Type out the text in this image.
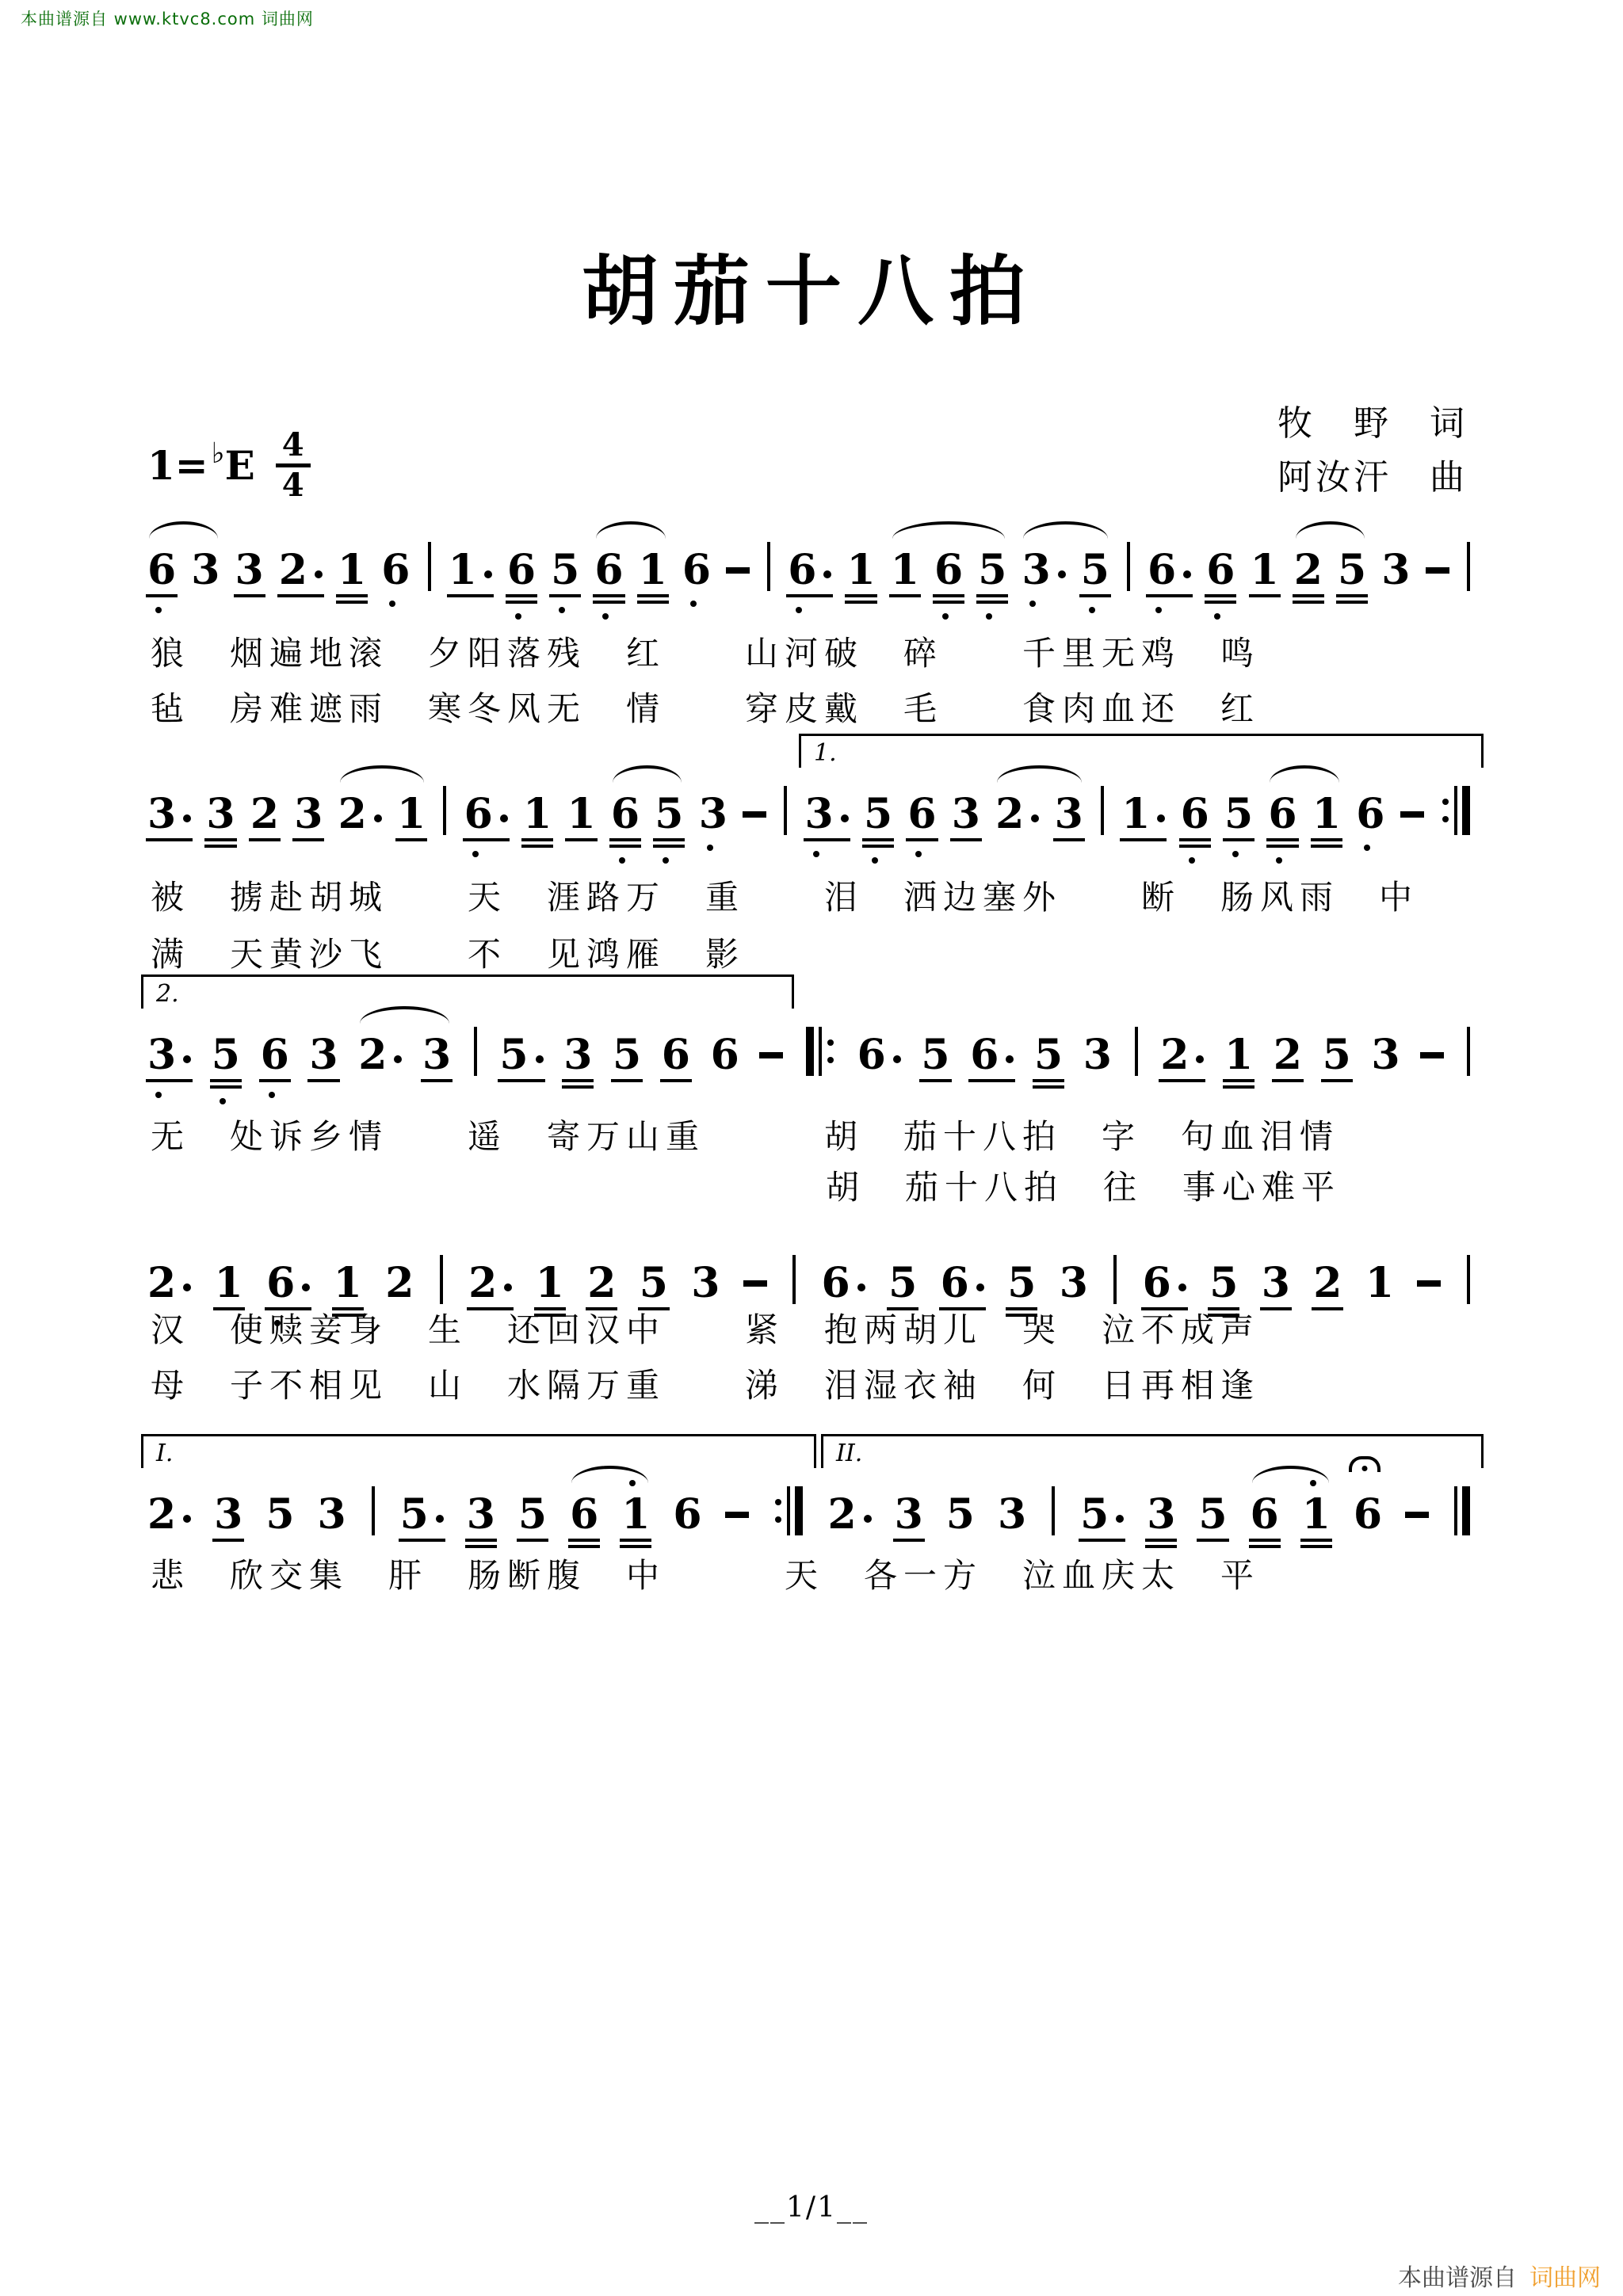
本曲谱源自 www.ktvc8.com 词曲网
胡茄十八拍
牧　野　词
阿汝汗　曲
1= ♭ E $\frac{4}{4}$
6 3 3 2 1 6 1 6 5 6 1 6 6 1 1 6 5 3 5 6 6 1 2 5 3
3 3 2 3 2 1 6 1 1 6 5 3 3 5 6 3 2 3 1 6 5 6 1 6
1.
3 5 6 3 2 3 5 3 5 6 6	6 5 6 5 3 2 1 2 5 3
2.
2 1 6 1 2 2 1 2 5 3 6 5 6 5 3 6 5 3 2 1
2 3 5 3 5 3 5 6 1 6	2 3 5 3 5 3 5 6 1 6
I.	II.
狼　烟遍地滚　夕阳落残　红　　山河破　碎　　千里无鸡　鸣
毡　房难遮雨　寒冬风无　情　　穿皮戴　毛　　食肉血还　红
被　掳赴胡城　　天　涯路万　重　　泪　洒边塞外　　断　肠风雨　中
满　天黄沙飞　　不　见鸿雁　影
无　处诉乡情　　遥　寄万山重　　　胡　茄十八拍　字　句血泪情
胡　茄十八拍　往　事心难平
汉　使赎妾身　生　还回汉中　　紧　抱两胡儿　哭　泣不成声
母　子不相见　山　水隔万重　　涕　泪湿衣袖　何　日再相逢
悲　欣交集　肝　肠断腹　中　　　天　各一方　泣血庆太　平
__1/1__
本曲谱源自 词曲网
